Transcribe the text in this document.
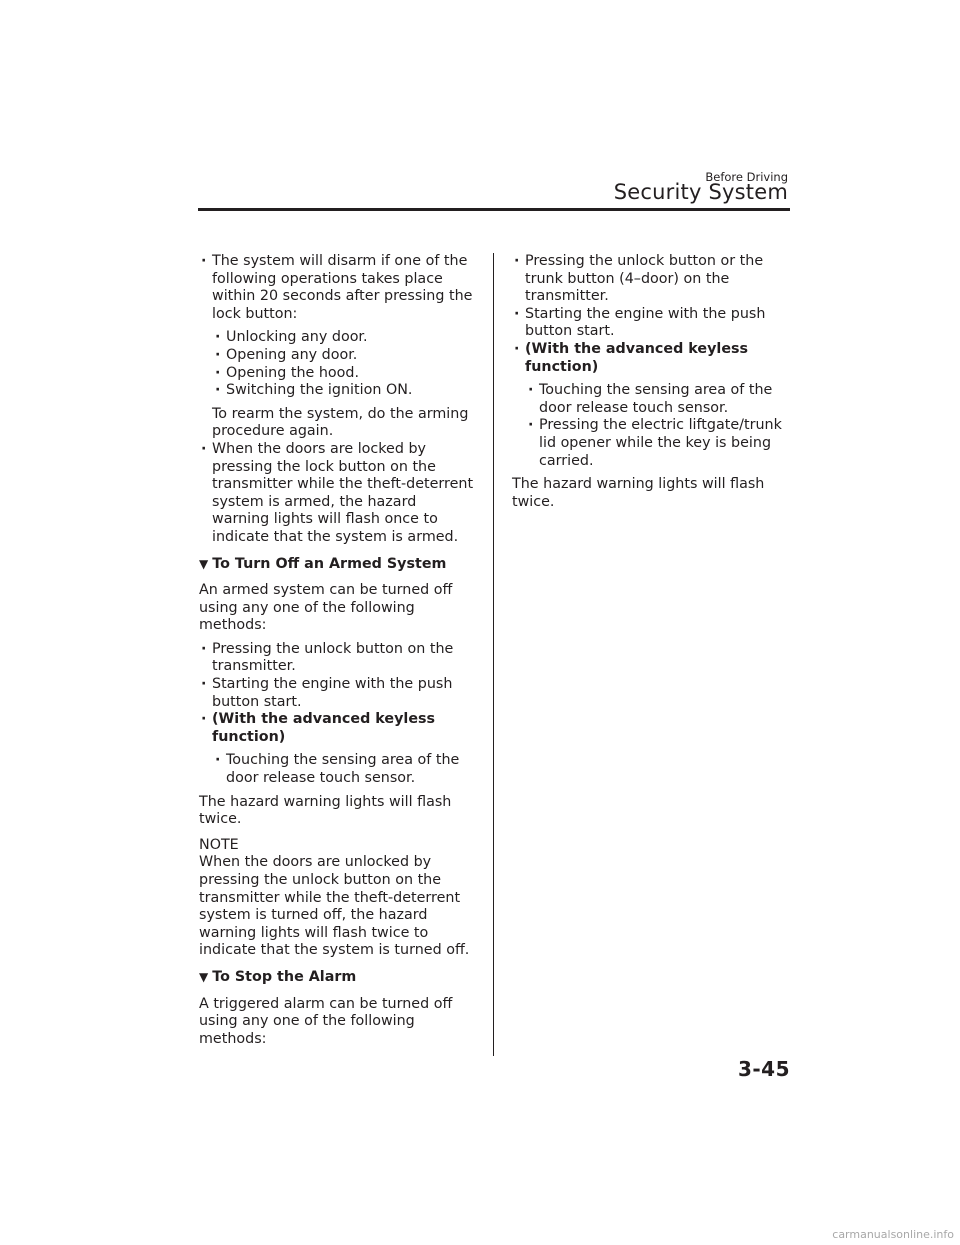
Before Driving
Security System
· The system will disarm if one of the following operations takes place within 20 seconds after pressing the lock button:
· Unlocking any door.
· Opening any door.
· Opening the hood.
· Switching the ignition ON.
To rearm the system, do the arming procedure again.
· When the doors are locked by pressing the lock button on the transmitter while the theft-deterrent system is armed, the hazard warning lights will flash once to indicate that the system is armed.
▼ To Turn Off an Armed System

An armed system can be turned off using any one of the following methods:

· Pressing the unlock button on the transmitter.
· Starting the engine with the push button start.
· (With the advanced keyless function)
· Touching the sensing area of the door release touch sensor.

The hazard warning lights will flash twice.

NOTE

When the doors are unlocked by pressing the unlock button on the transmitter while the theft-deterrent system is turned off, the hazard warning lights will flash twice to indicate that the system is turned off.

▼ To Stop the Alarm

A triggered alarm can be turned off using any one of the following methods:

· Pressing the unlock button or the trunk button (4–door) on the transmitter.
· Starting the engine with the push button start.
· (With the advanced keyless function)
· Touching the sensing area of the door release touch sensor.
· Pressing the electric liftgate/trunk lid opener while the key is being carried.

The hazard warning lights will flash twice.

3-45
carmanualsonline.info
